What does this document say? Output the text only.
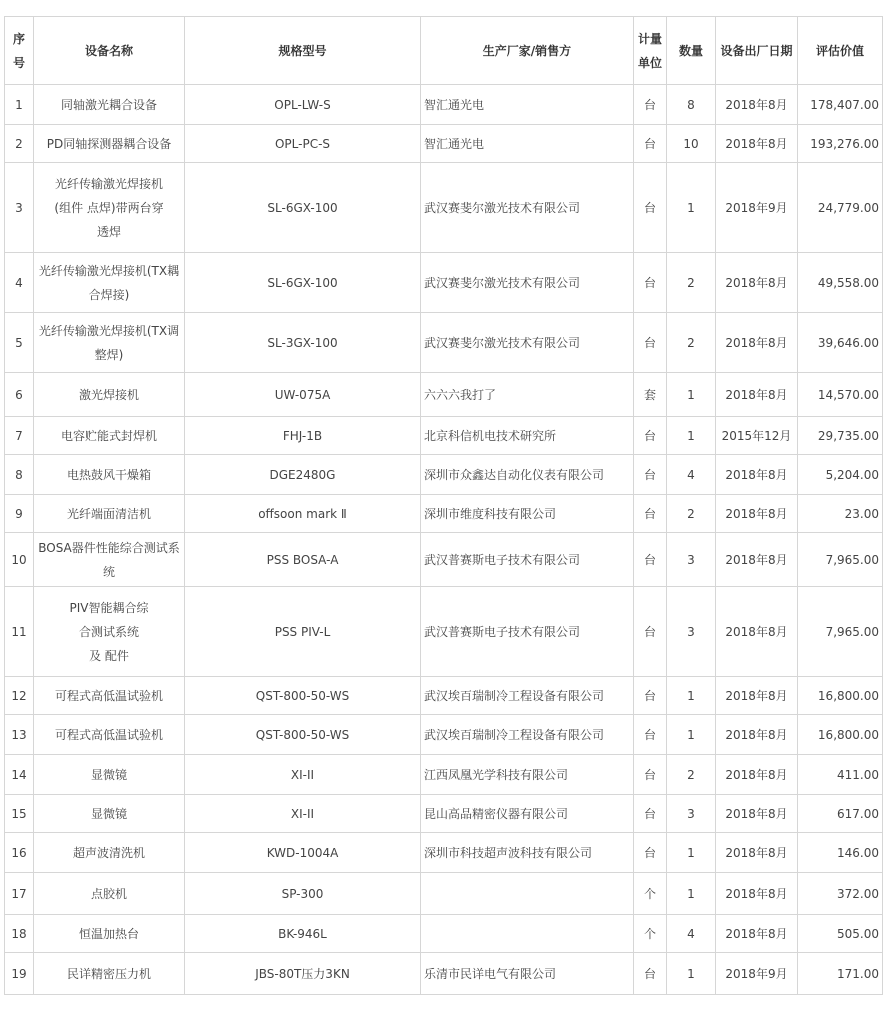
序号	设备名称	规格型号	生产厂家/销售方	计量
单位	数量	设备出厂日期	评估价值
1	同轴激光耦合设备	OPL-LW-S	智汇通光电	台	8	2018年8月	178,407.00
2	PD同轴探测器耦合设备	OPL-PC-S	智汇通光电	台	10	2018年8月	193,276.00
3	光纤传输激光焊接机
(组件 点焊)带两台穿
透焊	SL-6GX-100	武汉赛斐尔激光技术有限公司	台	1	2018年9月	24,779.00
4	光纤传输激光焊接机(TX耦
合焊接)	SL-6GX-100	武汉赛斐尔激光技术有限公司	台	2	2018年8月	49,558.00
5	光纤传输激光焊接机(TX调
整焊)	SL-3GX-100	武汉赛斐尔激光技术有限公司	台	2	2018年8月	39,646.00
6	激光焊接机	UW-075A	六六六我打了	套	1	2018年8月	14,570.00
7	电容贮能式封焊机	FHJ-1B	北京科信机电技术研究所	台	1	2015年12月	29,735.00
8	电热鼓风干燥箱	DGE2480G	深圳市众鑫达自动化仪表有限公司	台	4	2018年8月	5,204.00
9	光纤端面清洁机	offsoon mark Ⅱ	深圳市维度科技有限公司	台	2	2018年8月	23.00
10	BOSA器件性能综合测试系
统	PSS BOSA-A	武汉普赛斯电子技术有限公司	台	3	2018年8月	7,965.00
11	PIV智能耦合综
合测试系统
及 配件	PSS PIV-L	武汉普赛斯电子技术有限公司	台	3	2018年8月	7,965.00
12	可程式高低温试验机	QST-800-50-WS	武汉埃百瑞制冷工程设备有限公司	台	1	2018年8月	16,800.00
13	可程式高低温试验机	QST-800-50-WS	武汉埃百瑞制冷工程设备有限公司	台	1	2018年8月	16,800.00
14	显微镜	XI-II	江西凤凰光学科技有限公司	台	2	2018年8月	411.00
15	显微镜	XI-II	昆山高品精密仪器有限公司	台	3	2018年8月	617.00
16	超声波清洗机	KWD-1004A	深圳市科技超声波科技有限公司	台	1	2018年8月	146.00
17	点胶机	SP-300		个	1	2018年8月	372.00
18	恒温加热台	BK-946L		个	4	2018年8月	505.00
19	民详精密压力机	JBS-80T压力3KN	乐清市民详电气有限公司	台	1	2018年9月	171.00
